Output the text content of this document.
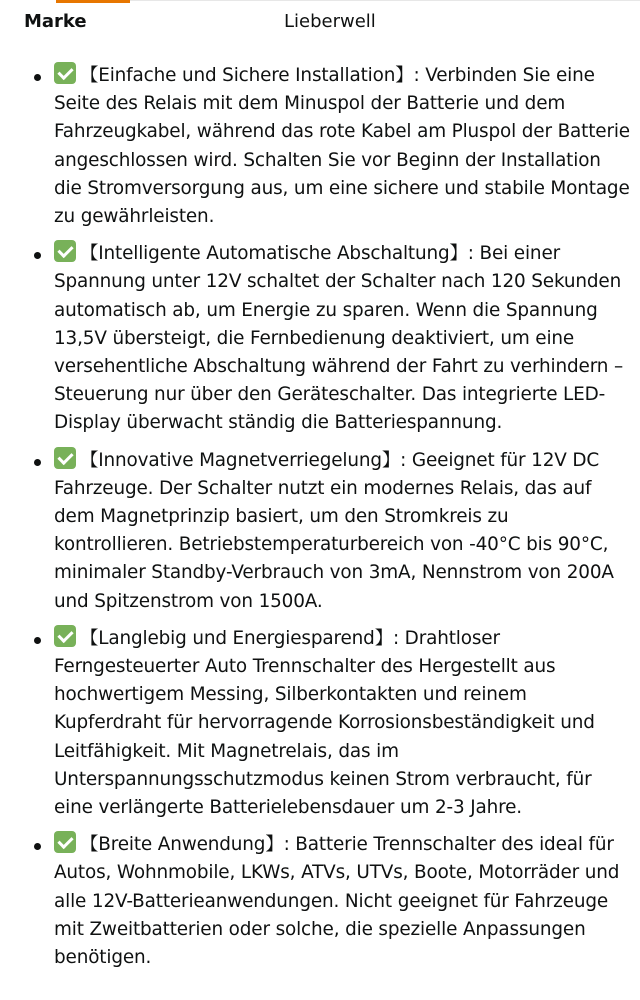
Marke	Lieberwell
【Einfache und Sichere Installation】: Verbinden Sie eine Seite des Relais mit dem Minuspol der Batterie und dem Fahrzeugkabel, während das rote Kabel am Pluspol der Batterie angeschlossen wird. Schalten Sie vor Beginn der Installation die Stromversorgung aus, um eine sichere und stabile Montage zu gewährleisten.
【Intelligente Automatische Abschaltung】: Bei einer Spannung unter 12V schaltet der Schalter nach 120 Sekunden automatisch ab, um Energie zu sparen. Wenn die Spannung 13,5V übersteigt, die Fernbedienung deaktiviert, um eine versehentliche Abschaltung während der Fahrt zu verhindern – Steuerung nur über den Geräteschalter. Das integrierte LED-Display überwacht ständig die Batteriespannung.
【Innovative Magnetverriegelung】: Geeignet für 12V DC Fahrzeuge. Der Schalter nutzt ein modernes Relais, das auf dem Magnetprinzip basiert, um den Stromkreis zu kontrollieren. Betriebstemperaturbereich von -40°C bis 90°C, minimaler Standby-Verbrauch von 3mA, Nennstrom von 200A und Spitzenstrom von 1500A.
【Langlebig und Energiesparend】: Drahtloser Ferngesteuerter Auto Trennschalter des Hergestellt aus hochwertigem Messing, Silberkontakten und reinem Kupferdraht für hervorragende Korrosionsbeständigkeit und Leitfähigkeit. Mit Magnetrelais, das im Unterspannungsschutzmodus keinen Strom verbraucht, für eine verlängerte Batterielebensdauer um 2-3 Jahre.
【Breite Anwendung】: Batterie Trennschalter des ideal für Autos, Wohnmobile, LKWs, ATVs, UTVs, Boote, Motorräder und alle 12V-Batterieanwendungen. Nicht geeignet für Fahrzeuge mit Zweitbatterien oder solche, die spezielle Anpassungen benötigen.
